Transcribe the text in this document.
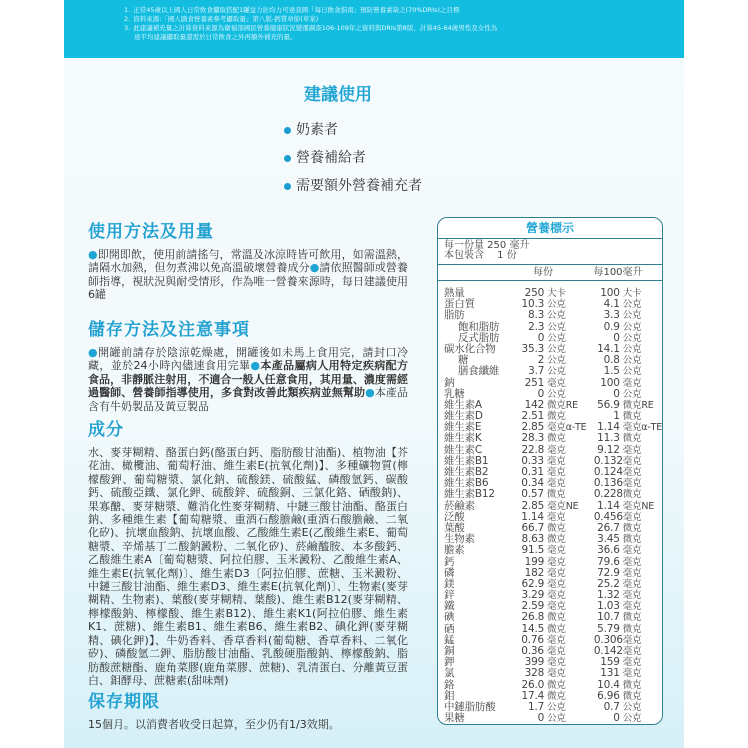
1. 正常45歲以上國人日常飲食攝取搭配1罐益力壯均力可達我國「每日飲食指南」預防營養素缺乏(70%DRIs)之目標
2. 資料來源:「國人膳食營養素參考攝取量」第八版-鈣質章節(草案)
3. 此建議補充量之計算資料來源為衛福部國民營養健康狀況變遷調查106-109年之資料與DRIs第8版，計算45-64歲男性及女性為
達平均建議攝取量還需於日常飲食之外再額外補充的量。
建議使用
奶素者
營養補給者
需要額外營養補充者
使用方法及用量

●即開即飲，使用前請搖勻，常溫及冰涼時皆可飲用，如需溫熱，請隔水加熱，但勿煮沸以免高溫破壞營養成分●請依照醫師或營養師指導，視狀況與耐受情形，作為唯一營養來源時，每日建議使用6罐

儲存方法及注意事項

●開罐前請存於陰涼乾燥處，開罐後如未馬上食用完，請封口冷藏，並於24小時內儘速食用完畢●本產品屬病人用特定疾病配方食品，非靜脈注射用，不適合一般人任意食用，其用量、濃度需經過醫師、營養師指導使用，多食對改善此類疾病並無幫助●本產品含有牛奶製品及黃豆製品

成分

水、麥芽糊精、酪蛋白鈣(酪蛋白鈣、脂肪酸甘油酯)、植物油【芥花油、橄欖油、葡萄籽油、維生素E(抗氧化劑)】、多種礦物質(檸檬酸鉀、葡萄糖漿、氯化鈉、硫酸鎂、硫酸錳、磷酸氫鈣、碳酸鈣、硫酸亞鐵、氯化鉀、硫酸鋅、硫酸銅、三氯化鉻、硒酸鈉)、果寡醣、麥芽糖漿、難消化性麥芽糊精、中鏈三酸甘油酯、酪蛋白鈉、多種維生素【葡萄糖漿、重酒石酸膽鹼(重酒石酸膽鹼、二氧化矽)、抗壞血酸鈉、抗壞血酸、乙酸維生素E(乙酸維生素E、葡萄糖漿、辛烯基丁二酸鈉澱粉、二氧化矽)、菸鹼醯胺、本多酸鈣、乙酸維生素A〔葡萄糖漿、阿拉伯膠、玉米澱粉、乙酸維生素A、維生素E(抗氧化劑)〕、維生素D3〔阿拉伯膠、蔗糖、玉米澱粉、中鏈三酸甘油酯、維生素D3、維生素E(抗氧化劑)〕、生物素(麥芽糊精、生物素)、葉酸(麥芽糊精、葉酸)、維生素B12(麥芽糊精、檸檬酸鈉、檸檬酸、維生素B12)、維生素K1(阿拉伯膠、維生素K1、蔗糖)、維生素B1、維生素B6、維生素B2、碘化鉀(麥芽糊精、碘化鉀)】、牛奶香料、香草香料(葡萄糖、香草香料、二氧化矽)、磷酸氫二鉀、脂肪酸甘油酯、乳酸硬脂酸鈉、檸檬酸鈉、脂肪酸蔗糖酯、鹿角菜膠(鹿角菜膠、蔗糖)、乳清蛋白、分離黃豆蛋白、鉬酵母、蔗糖素(甜味劑)

保存期限

15個月。以消費者收受日起算，至少仍有1/3效期。

營養標示
每一份量 250 毫升
本包裝含　 1 份
每份	每100毫升
熱量	250 大卡	100 大卡
蛋白質	10.3 公克	4.1 公克
脂肪	8.3 公克	3.3 公克
飽和脂肪	2.3 公克	0.9 公克
反式脂肪	0 公克	0 公克
碳水化合物	35.3 公克	14.1 公克
糖	2 公克	0.8 公克
膳食纖維	3.7 公克	1.5 公克
鈉	251 毫克	100 毫克
乳糖	0 公克	0 公克
維生素A	142 微克RE	56.9 微克RE
維生素D	2.51 微克	1 微克
維生素E	2.85 毫克α-TE	1.14 毫克α-TE
維生素K	28.3 微克	11.3 微克
維生素C	22.8 毫克	9.12 毫克
維生素B1	0.33 毫克	0.132 毫克
維生素B2	0.31 毫克	0.124 毫克
維生素B6	0.34 毫克	0.136 毫克
維生素B12	0.57 微克	0.228 微克
菸鹼素	2.85 毫克NE	1.14 毫克NE
泛酸	1.14 毫克	0.456 毫克
葉酸	66.7 微克	26.7 微克
生物素	8.63 微克	3.45 微克
膽素	91.5 毫克	36.6 毫克
鈣	199 毫克	79.6 毫克
磷	182 毫克	72.9 毫克
鎂	62.9 毫克	25.2 毫克
鋅	3.29 毫克	1.32 毫克
鐵	2.59 毫克	1.03 毫克
碘	26.8 微克	10.7 微克
硒	14.5 微克	5.79 微克
錳	0.76 毫克	0.306 毫克
銅	0.36 毫克	0.142 毫克
鉀	399 毫克	159 毫克
氯	328 毫克	131 毫克
鉻	26.0 微克	10.4 微克
鉬	17.4 微克	6.96 微克
中鏈脂肪酸	1.7 公克	0.7 公克
果糖	0 公克	0 公克
